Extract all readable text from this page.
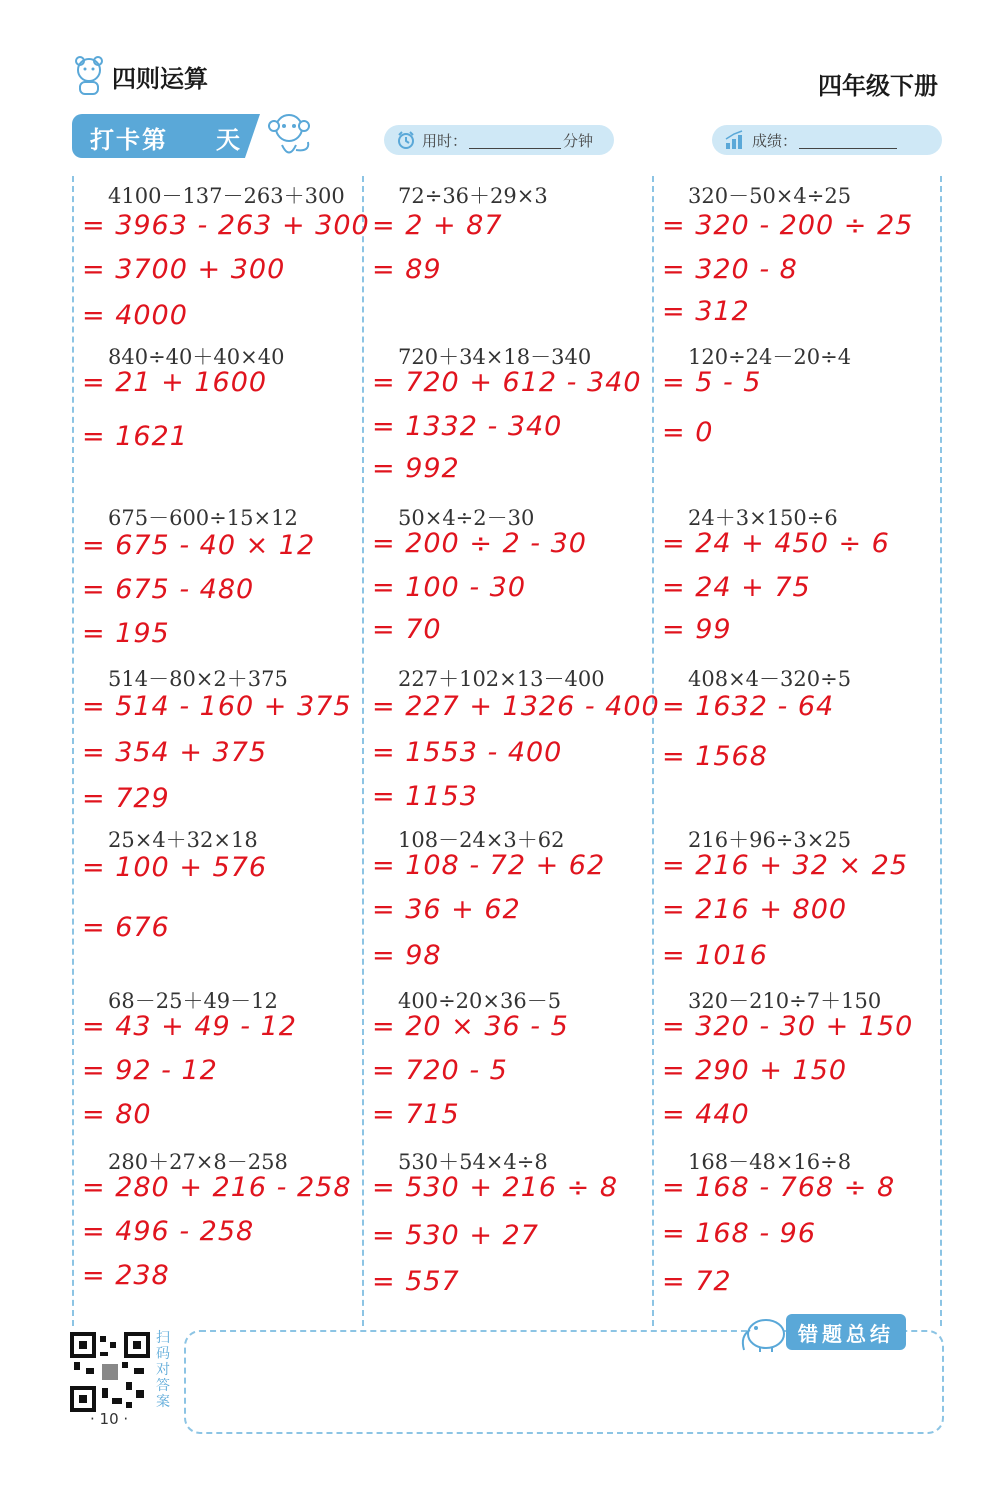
四则运算	四年级下册
打卡第 天	用时：	分钟	成绩：
4100－137－263＋300
= 3963 - 263 + 300
= 3700 + 300
= 4000
72÷36＋29×3
= 2 + 87
= 89
320－50×4÷25
= 320 - 200 ÷ 25
= 320 - 8
= 312
840÷40＋40×40
= 21 + 1600
= 1621
720＋34×18－340
= 720 + 612 - 340
= 1332 - 340
= 992
120÷24－20÷4
= 5 - 5
= 0
675－600÷15×12
= 675 - 40 × 12
= 675 - 480
= 195
50×4÷2－30
= 200 ÷ 2 - 30
= 100 - 30
= 70
24＋3×150÷6
= 24 + 450 ÷ 6
= 24 + 75
= 99
514－80×2＋375
= 514 - 160 + 375
= 354 + 375
= 729
227＋102×13－400
= 227 + 1326 - 400
= 1553 - 400
= 1153
408×4－320÷5
= 1632 - 64
= 1568
25×4＋32×18
= 100 + 576
= 676
108－24×3＋62
= 108 - 72 + 62
= 36 + 62
= 98
216＋96÷3×25
= 216 + 32 × 25
= 216 + 800
= 1016
68－25＋49－12
= 43 + 49 - 12
= 92 - 12
= 80
400÷20×36－5
= 20 × 36 - 5
= 720 - 5
= 715
320－210÷7＋150
= 320 - 30 + 150
= 290 + 150
= 440
280＋27×8－258
= 280 + 216 - 258
= 496 - 258
= 238
530＋54×4÷8
= 530 + 216 ÷ 8
= 530 + 27
= 557
168－48×16÷8
= 168 - 768 ÷ 8
= 168 - 96
= 72
错题总结
扫码对答案
· 10 ·
